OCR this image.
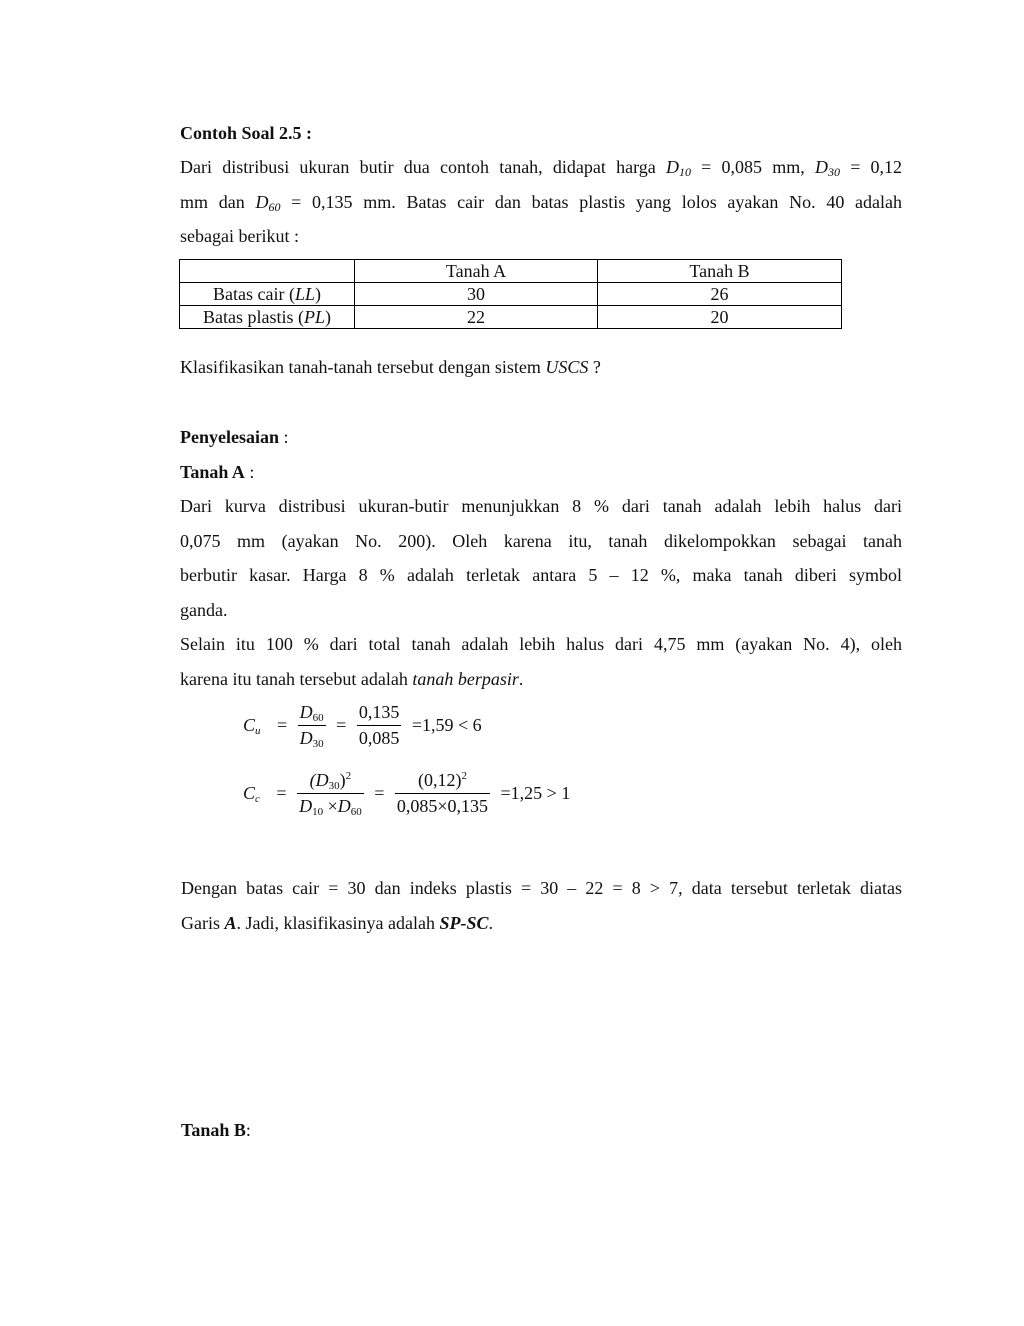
Contoh Soal 2.5 :
Dari distribusi ukuran butir dua contoh tanah, didapat harga $D_{10} = 0,085$ mm, $D_{30} = 0,12$
mm dan $D_{60} = 0,135$ mm. Batas cair dan batas plastis yang lolos ayakan No. 40 adalah
sebagai berikut :
	Tanah A	Tanah B
Batas cair (LL)	30	26
Batas plastis (PL)	22	20
Klasifikasikan tanah-tanah tersebut dengan sistem USCS ?
Penyelesaian :
Tanah A :
Dari kurva distribusi ukuran-butir menunjukkan 8 % dari tanah adalah lebih halus dari
0,075 mm (ayakan No. 200). Oleh karena itu, tanah dikelompokkan sebagai tanah
berbutir kasar. Harga 8 % adalah terletak antara 5 – 12 %, maka tanah diberi symbol
ganda.
Selain itu 100 % dari total tanah adalah lebih halus dari 4,75 mm (ayakan No. 4), oleh
karena itu tanah tersebut adalah tanah berpasir.
$C_u = \frac{D_{60}}{D_{30}} = \frac{0,135}{0,085} =1,59 < 6$
$C_c = \frac{(D_{30})^2}{D_{10} \times D_{60}} = \frac{(0,12)^2}{0,085\times 0,135} =1,25 > 1$
Dengan batas cair = 30 dan indeks plastis = 30 – 22 = 8 > 7, data tersebut terletak diatas
Garis A. Jadi, klasifikasinya adalah SP-SC.
Tanah B:
